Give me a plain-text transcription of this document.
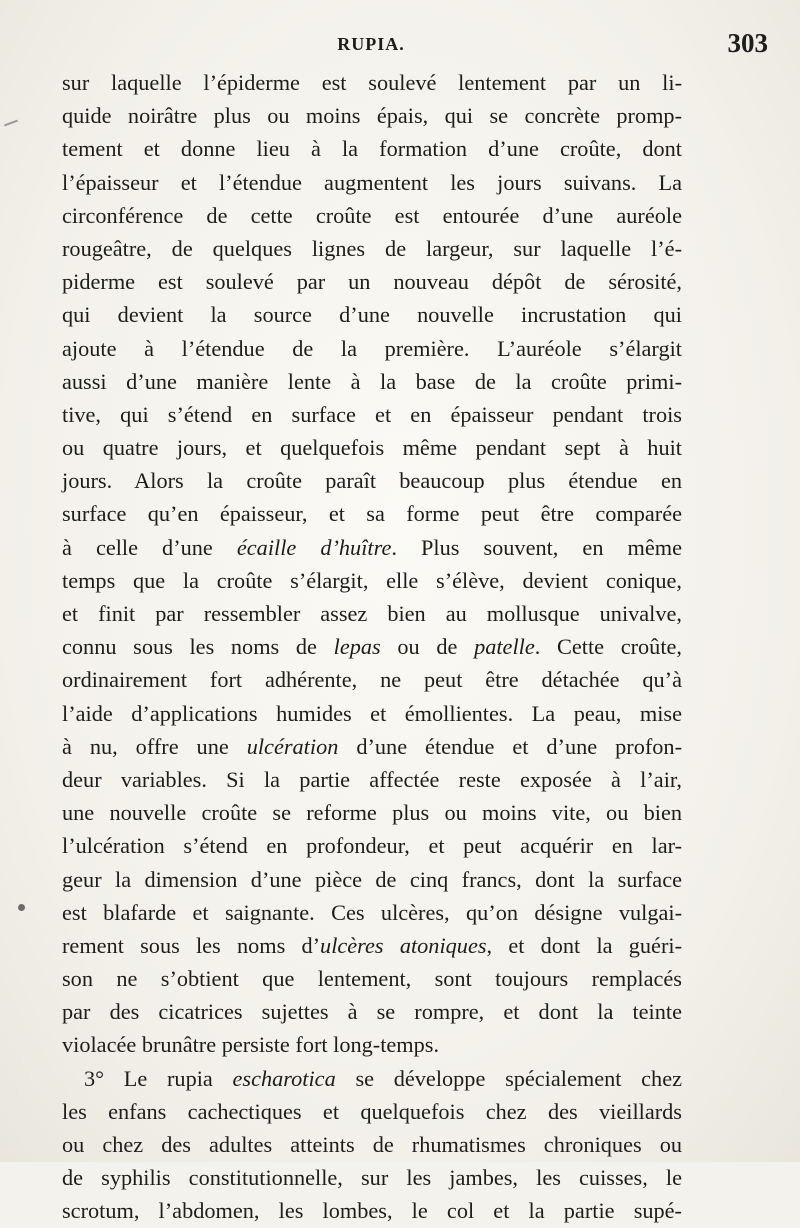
RUPIA.	303
sur laquelle l’épiderme est soulevé lentement par un li-
quide noirâtre plus ou moins épais, qui se concrète promp-
tement et donne lieu à la formation d’une croûte, dont
l’épaisseur et l’étendue augmentent les jours suivans. La
circonférence de cette croûte est entourée d’une auréole
rougeâtre, de quelques lignes de largeur, sur laquelle l’é-
piderme est soulevé par un nouveau dépôt de sérosité,
qui devient la source d’une nouvelle incrustation qui
ajoute à l’étendue de la première. L’auréole s’élargit
aussi d’une manière lente à la base de la croûte primi-
tive, qui s’étend en surface et en épaisseur pendant trois
ou quatre jours, et quelquefois même pendant sept à huit
jours. Alors la croûte paraît beaucoup plus étendue en
surface qu’en épaisseur, et sa forme peut être comparée
à celle d’une écaille d’huître. Plus souvent, en même
temps que la croûte s’élargit, elle s’élève, devient conique,
et finit par ressembler assez bien au mollusque univalve,
connu sous les noms de lepas ou de patelle. Cette croûte,
ordinairement fort adhérente, ne peut être détachée qu’à
l’aide d’applications humides et émollientes. La peau, mise
à nu, offre une ulcération d’une étendue et d’une profon-
deur variables. Si la partie affectée reste exposée à l’air,
une nouvelle croûte se reforme plus ou moins vite, ou bien
l’ulcération s’étend en profondeur, et peut acquérir en lar-
geur la dimension d’une pièce de cinq francs, dont la surface
est blafarde et saignante. Ces ulcères, qu’on désigne vulgai-
rement sous les noms d’ulcères atoniques, et dont la guéri-
son ne s’obtient que lentement, sont toujours remplacés
par des cicatrices sujettes à se rompre, et dont la teinte
violacée brunâtre persiste fort long-temps.
3° Le rupia escharotica se développe spécialement chez
les enfans cachectiques et quelquefois chez des vieillards
ou chez des adultes atteints de rhumatismes chroniques ou
de syphilis constitutionnelle, sur les jambes, les cuisses, le
scrotum, l’abdomen, les lombes, le col et la partie supé-
